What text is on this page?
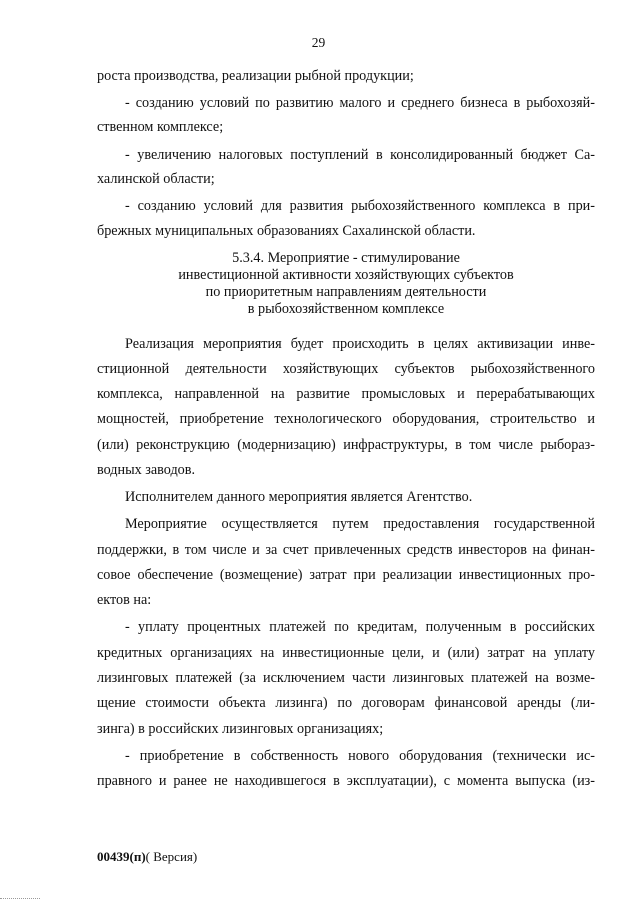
29
роста производства, реализации рыбной продукции;
- созданию условий по развитию малого и среднего бизнеса в рыбохозяй-
ственном комплексе;
- увеличению налоговых поступлений в консолидированный бюджет Са-
халинской области;
- созданию условий для развития рыбохозяйственного комплекса в при-
брежных муниципальных образованиях Сахалинской области.
5.3.4. Мероприятие - стимулирование
инвестиционной активности хозяйствующих субъектов
по приоритетным направлениям деятельности
в рыбохозяйственном комплексе
Реализация мероприятия будет происходить в целях активизации инве-
стиционной деятельности хозяйствующих субъектов рыбохозяйственного
комплекса, направленной на развитие промысловых и перерабатывающих
мощностей, приобретение технологического оборудования, строительство и
(или) реконструкцию (модернизацию) инфраструктуры, в том числе рыбораз-
водных заводов.
Исполнителем данного мероприятия является Агентство.
Мероприятие осуществляется путем предоставления государственной
поддержки, в том числе и за счет привлеченных средств инвесторов на финан-
совое обеспечение (возмещение) затрат при реализации инвестиционных про-
ектов на:
- уплату процентных платежей по кредитам, полученным в российских
кредитных организациях на инвестиционные цели, и (или) затрат на уплату
лизинговых платежей (за исключением части лизинговых платежей на возме-
щение стоимости объекта лизинга) по договорам финансовой аренды (ли-
зинга) в российских лизинговых организациях;
- приобретение в собственность нового оборудования (технически ис-
правного и ранее не находившегося в эксплуатации), с момента выпуска (из-
00439(п)( Версия)
